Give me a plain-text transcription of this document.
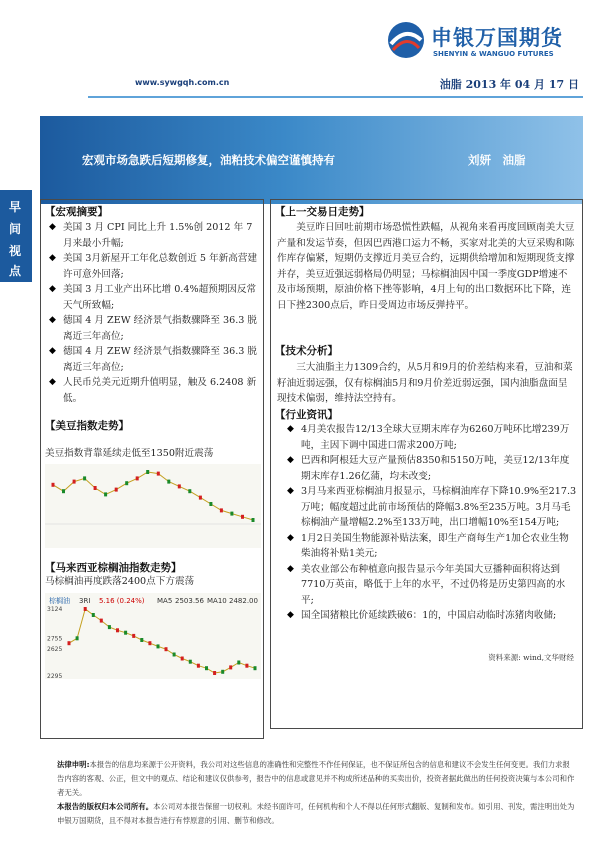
申银万国期货
SHENYIN & WANGUO FUTURES
www.sywgqh.com.cn	油脂 2013 年 04 月 17 日
宏观市场急跌后短期修复，油粕技术偏空谨慎持有	刘妍　油脂
早
间
视
点
【宏观摘要】
◆ 美国 3 月 CPI 同比上升 1.5%创 2012 年 7 月来最小升幅;
◆ 美国 3月新屋开工年化总数创近 5 年新高营建许可意外回落;
◆ 美国 3 月工业产出环比增 0.4%超预期因反常天气所致幅;
◆ 德国 4 月 ZEW 经济景气指数骤降至 36.3 脱离近三年高位;
◆ 德国 4 月 ZEW 经济景气指数骤降至 36.3 脱离近三年高位;
◆ 人民币兑美元近期升值明显，触及 6.2408 新低。
【美豆指数走势】
美豆指数背靠延续走低至1350附近震荡
【马来西亚棕榈油指数走势】
马棕榈油再度跌落2400点下方震荡
棕榈油 3RI 5.16 (0.24%) MA5 2503.56 MA10 2482.00
3124
2755
2625
2295
【上一交易日走势】
美豆昨日回吐前期市场恐慌性跌幅，从视角来看再度回顾南美大豆产量和发运节奏，但因巴西港口运力不畅，买家对北美的大豆采购和陈作库存偏紧，短期仍支撑近月美豆合约，远期供给增加和短期现货支撑并存，美豆近强远弱格局仍明显；马棕榈油因中国一季度GDP增速不及市场预期，原油价格下挫等影响，4月上旬的出口数据环比下降，连日下挫2300点后，昨日受周边市场反弹持平。
【技术分析】
三大油脂主力1309合约，从5月和9月的价差结构来看，豆油和菜籽油近弱远强，仅有棕榈油5月和9月价差近弱远强，国内油脂盘面呈现技术偏弱，维持法空持有。
【行业资讯】
◆ 4月美农报告12/13全球大豆期末库存为6260万吨环比增239万吨，主因下调中国进口需求200万吨;
◆ 巴西和阿根廷大豆产量预估8350和5150万吨，美豆12/13年度期末库存1.26亿蒲，均未改变;
◆ 3月马来西亚棕榈油月报显示，马棕榈油库存下降10.9%至217.3万吨；幅度超过此前市场预估的降幅3.8%至235万吨。3月马毛棕榈油产量增幅2.2%至133万吨，出口增幅10%至154万吨;
◆ 1月2日美国生物能源补贴法案，即生产商每生产1加仑农业生物柴油将补贴1美元;
◆ 美农业部公布种植意向报告显示今年美国大豆播种面积将达到7710万英亩，略低于上年的水平，不过仍将是历史第四高的水平;
◆ 国全国猪粮比价延续跌破6：1的，中国启动临时冻猪肉收储;
资料来源: wind,文华财经
法律申明:本报告的信息均来源于公开资料，我公司对这些信息的准确性和完整性不作任何保证，也不保证所包含的信息和建议不会发生任何变更。我们力求报告内容的客观、公正，但文中的观点、结论和建议仅供参考，报告中的信息或意见并不构成所述品种的买卖出价，投资者据此做出的任何投资决策与本公司和作者无关。
本报告的版权归本公司所有。本公司对本报告保留一切权利。未经书面许可，任何机构和个人不得以任何形式翻版、复制和发布。如引用、刊发，需注明出处为申银万国期货，且不得对本报告进行有悖原意的引用、删节和修改。
